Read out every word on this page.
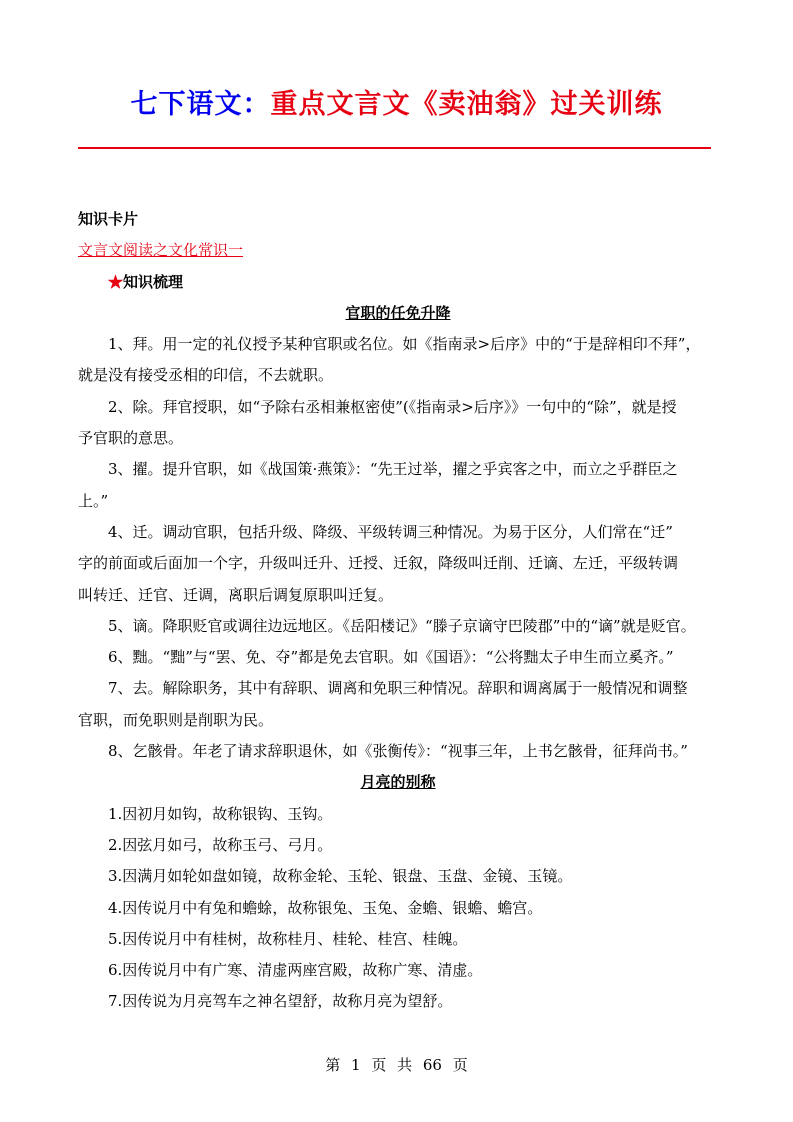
七下语文：重点文言文《卖油翁》过关训练
知识卡片
文言文阅读之文化常识一
★知识梳理
官职的任免升降
1、拜。用一定的礼仪授予某种官职或名位。如《指南录>后序》中的“于是辞相印不拜”，
就是没有接受丞相的印信，不去就职。
2、除。拜官授职，如“予除右丞相兼枢密使”(《指南录>后序》》一句中的“除”，就是授
予官职的意思。
3、擢。提升官职，如《战国策·燕策》：“先王过举，擢之乎宾客之中，而立之乎群臣之
上。”
4、迁。调动官职，包括升级、降级、平级转调三种情况。为易于区分，人们常在“迁”
字的前面或后面加一个字，升级叫迁升、迁授、迁叙，降级叫迁削、迁谪、左迁，平级转调
叫转迁、迁官、迁调，离职后调复原职叫迁复。
5、谪。降职贬官或调往边远地区。《岳阳楼记》“滕子京谪守巴陵郡”中的“谪”就是贬官。
6、黜。“黜”与“罢、免、夺”都是免去官职。如《国语》：“公将黜太子申生而立奚齐。”
7、去。解除职务，其中有辞职、调离和免职三种情况。辞职和调离属于一般情况和调整
官职，而免职则是削职为民。
8、乞骸骨。年老了请求辞职退休，如《张衡传》：“视事三年，上书乞骸骨，征拜尚书。”
月亮的别称
1.因初月如钩，故称银钩、玉钩。
2.因弦月如弓，故称玉弓、弓月。
3.因满月如轮如盘如镜，故称金轮、玉轮、银盘、玉盘、金镜、玉镜。
4.因传说月中有兔和蟾蜍，故称银兔、玉兔、金蟾、银蟾、蟾宫。
5.因传说月中有桂树，故称桂月、桂轮、桂宫、桂魄。
6.因传说月中有广寒、清虚两座宫殿，故称广寒、清虚。
7.因传说为月亮驾车之神名望舒，故称月亮为望舒。
第 1 页 共 66 页
